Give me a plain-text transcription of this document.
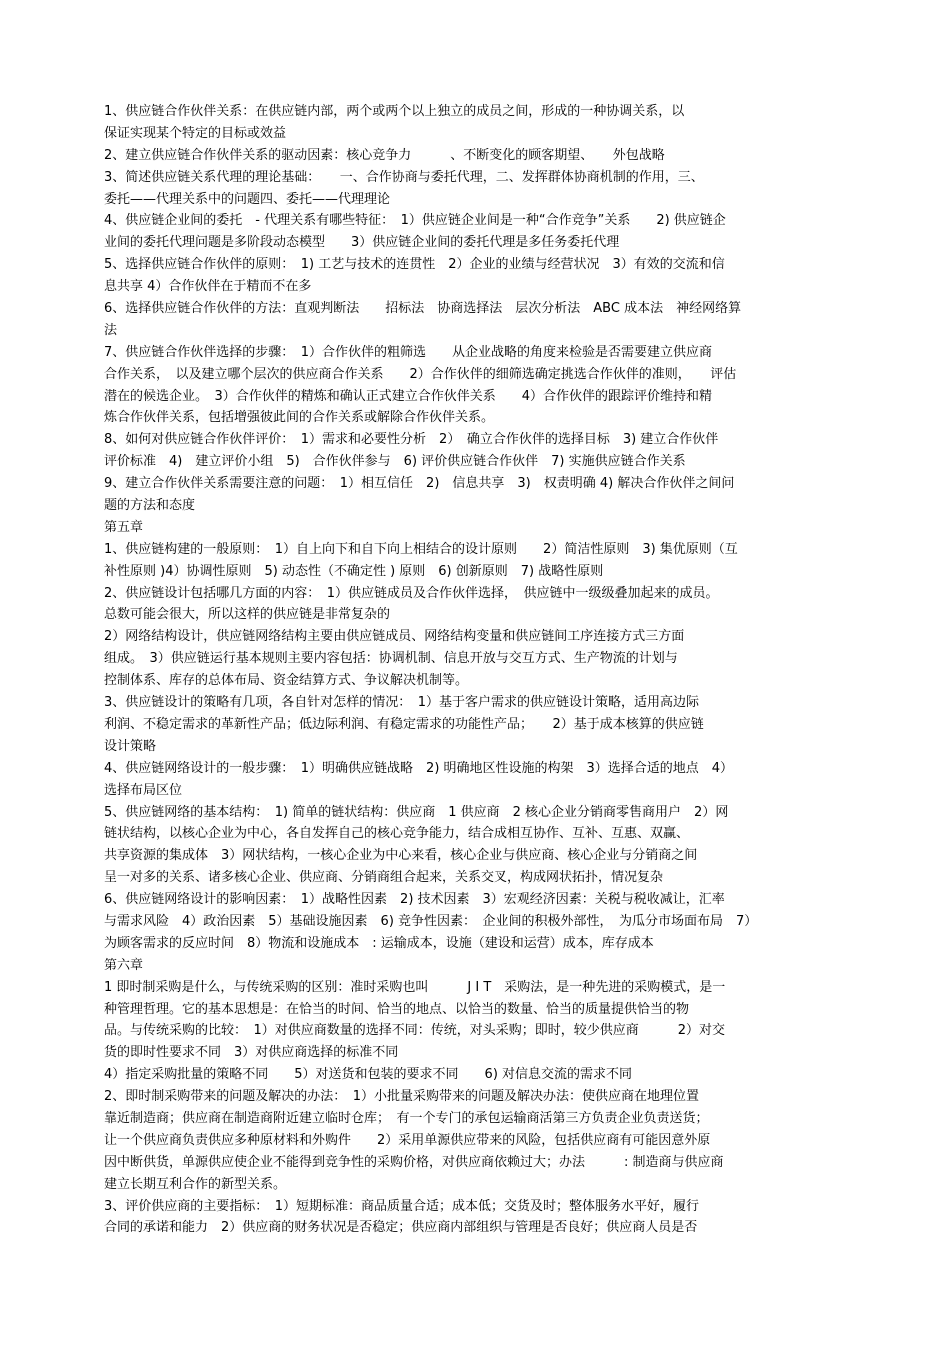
1、供应链合作伙伴关系：在供应链内部，两个或两个以上独立的成员之间，形成的一种协调关系，以
保证实现某个特定的目标或效益
2、建立供应链合作伙伴关系的驱动因素：核心竞争力　　　、不断变化的顾客期望、　　外包战略
3、简述供应链关系代理的理论基础：　　一、合作协商与委托代理，二、发挥群体协商机制的作用，三、
委托——代理关系中的问题四、委托——代理理论
4、供应链企业间的委托　- 代理关系有哪些特征：　1）供应链企业间是一种“合作竞争”关系　　2) 供应链企
业间的委托代理问题是多阶段动态模型　　3）供应链企业间的委托代理是多任务委托代理
5、选择供应链合作伙伴的原则：　1) 工艺与技术的连贯性　2）企业的业绩与经营状况　3）有效的交流和信
息共享 4）合作伙伴在于精而不在多
6、选择供应链合作伙伴的方法：直观判断法　　招标法　协商选择法　层次分析法　ABC 成本法　神经网络算
法
7、供应链合作伙伴选择的步骤：　1）合作伙伴的粗筛选　　从企业战略的角度来检验是否需要建立供应商
合作关系，　以及建立哪个层次的供应商合作关系　　2）合作伙伴的细筛选确定挑选合作伙伴的准则，　　评估
潜在的候选企业。　3）合作伙伴的精炼和确认正式建立合作伙伴关系　　4）合作伙伴的跟踪评价维持和精
炼合作伙伴关系，包括增强彼此间的合作关系或解除合作伙伴关系。
8、如何对供应链合作伙伴评价：　1）需求和必要性分析　2）　确立合作伙伴的选择目标　3) 建立合作伙伴
评价标准　4)　建立评价小组　5)　合作伙伴参与　6) 评价供应链合作伙伴　7) 实施供应链合作关系
9、建立合作伙伴关系需要注意的问题：　1）相互信任　2)　信息共享　3)　权责明确 4) 解决合作伙伴之间问
题的方法和态度
第五章
1、供应链构建的一般原则：　1）自上向下和自下向上相结合的设计原则　　2）简洁性原则　3) 集优原则（互
补性原则 )4）协调性原则　5) 动态性（不确定性 ) 原则　6) 创新原则　7) 战略性原则
2、供应链设计包括哪几方面的内容：　1）供应链成员及合作伙伴选择，　供应链中一级级叠加起来的成员。
总数可能会很大，所以这样的供应链是非常复杂的
2）网络结构设计，供应链网络结构主要由供应链成员、网络结构变量和供应链间工序连接方式三方面
组成。　3）供应链运行基本规则主要内容包括：协调机制、信息开放与交互方式、生产物流的计划与
控制体系、库存的总体布局、资金结算方式、争议解决机制等。
3、供应链设计的策略有几项，各自针对怎样的情况：　1）基于客户需求的供应链设计策略，适用高边际
利润、不稳定需求的革新性产品；低边际利润、有稳定需求的功能性产品；　　2）基于成本核算的供应链
设计策略
4、供应链网络设计的一般步骤：　1）明确供应链战略　2) 明确地区性设施的构架　3）选择合适的地点　4）
选择布局区位
5、供应链网络的基本结构：　1) 简单的链状结构：供应商　1 供应商　2 核心企业分销商零售商用户　2）网
链状结构，以核心企业为中心，各自发挥自己的核心竞争能力，结合成相互协作、互补、互惠、双赢、
共享资源的集成体　3）网状结构，一核心企业为中心来看，核心企业与供应商、核心企业与分销商之间
呈一对多的关系、诸多核心企业、供应商、分销商组合起来，关系交叉，构成网状拓扑，情况复杂
6、供应链网络设计的影响因素：　1）战略性因素　2) 技术因素　3）宏观经济因素：关税与税收减让，汇率
与需求风险　4）政治因素　5）基础设施因素　6) 竞争性因素：　企业间的积极外部性，　为瓜分市场面布局　7）
为顾客需求的反应时间　8）物流和设施成本　: 运输成本，设施（建设和运营）成本，库存成本
第六章
1 即时制采购是什么，与传统采购的区别：准时采购也叫　　　J I T　采购法，是一种先进的采购模式，是一
种管理哲理。它的基本思想是：在恰当的时间、恰当的地点、以恰当的数量、恰当的质量提供恰当的物
品。与传统采购的比较：　1）对供应商数量的选择不同：传统，对头采购；即时，较少供应商　　　2）对交
货的即时性要求不同　3）对供应商选择的标准不同
4）指定采购批量的策略不同　　5）对送货和包装的要求不同　　6) 对信息交流的需求不同
2、即时制采购带来的问题及解决的办法：　1）小批量采购带来的问题及解决办法：使供应商在地理位置
靠近制造商；供应商在制造商附近建立临时仓库；　有一个专门的承包运输商活第三方负责企业负责送货；
让一个供应商负责供应多种原材料和外购件　　2）采用单源供应带来的风险，包括供应商有可能因意外原
因中断供货，单源供应使企业不能得到竞争性的采购价格，对供应商依赖过大；办法　　　: 制造商与供应商
建立长期互利合作的新型关系。
3、评价供应商的主要指标：　1）短期标准：商品质量合适；成本低；交货及时；整体服务水平好，履行
合同的承诺和能力　2）供应商的财务状况是否稳定；供应商内部组织与管理是否良好；供应商人员是否
